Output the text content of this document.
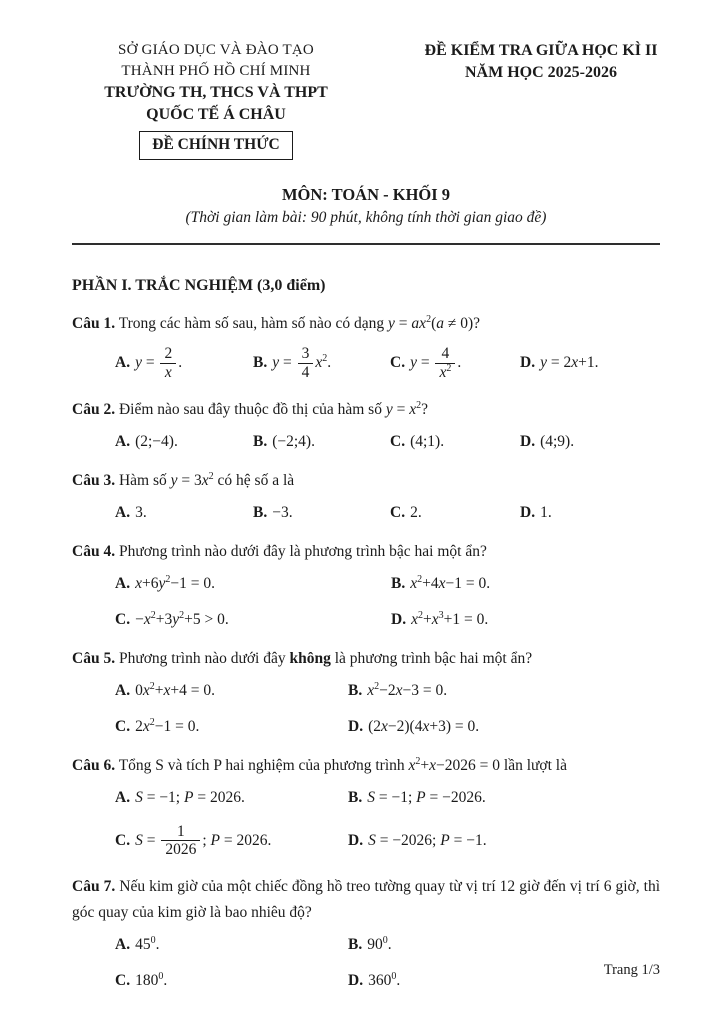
SỞ GIÁO DỤC VÀ ĐÀO TẠO
THÀNH PHỐ HỒ CHÍ MINH
TRƯỜNG TH, THCS VÀ THPT
QUỐC TẾ Á CHÂU
ĐỀ CHÍNH THỨC
ĐỀ KIỂM TRA GIỮA HỌC KÌ II
NĂM HỌC 2025-2026
MÔN: TOÁN - KHỐI 9
(Thời gian làm bài: 90 phút, không tính thời gian giao đề)
PHẦN I. TRẮC NGHIỆM (3,0 điểm)

Câu 1. Trong các hàm số sau, hàm số nào có dạng $y = ax^2(a \ne 0)$?

A. $y = \frac{2}{x}$ .	B. $y = \frac{3}{4} x^2$.	C. $y = \frac{4}{x^2}$ .	D. y = 2x+1.

Câu 2. Điểm nào sau đây thuộc đồ thị của hàm số $y = x^2$?

A. (2;−4).	B. (−2;4).	C. (4;1).	D. (4;9).

Câu 3. Hàm số $y = 3x^2$ có hệ số a là

A. 3.	B. −3.	C. 2.	D. 1.

Câu 4. Phương trình nào dưới đây là phương trình bậc hai một ẩn?

A. $x+6y^2-1 = 0$.	B. $x^2+4x-1 = 0$.
C. $-x^2+3y^2+5 > 0$.	D. $x^2+x^3+1 = 0$.

Câu 5. Phương trình nào dưới đây không là phương trình bậc hai một ẩn?

A. $0x^2+x+4 = 0$.	B. $x^2-2x-3 = 0$.
C. $2x^2-1 = 0$.	D. (2x−2)(4x+3) = 0.

Câu 6. Tổng S và tích P hai nghiệm của phương trình $x^2+x-2026 = 0$ lần lượt là

A. S = −1; P = 2026.	B. S = −1; P = −2026.
C. $S = \frac{1}{2026}$ ; P = 2026.	D. S = −2026; P = −1.

Câu 7. Nếu kim giờ của một chiếc đồng hồ treo tường quay từ vị trí 12 giờ đến vị trí 6 giờ, thì góc quay của kim giờ là bao nhiêu độ?

A. $45^0$.	B. $90^0$.
C. $180^0$.	D. $360^0$.
Trang 1/3
